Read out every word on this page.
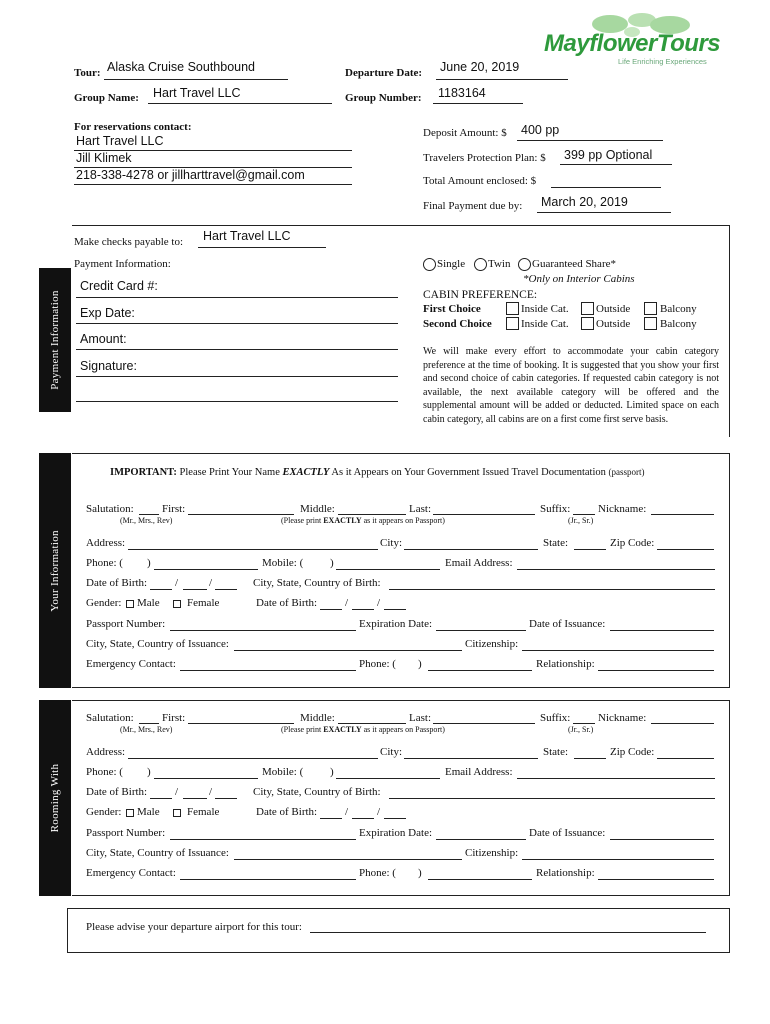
MayflowerTours
Life Enriching Experiences
Tour: Alaska Cruise Southbound	Departure Date: June 20, 2019
Group Name: Hart Travel LLC	Group Number: 1183164
For reservations contact:
Hart Travel LLC
Jill Klimek
218-338-4278 or jillharttravel@gmail.com
Deposit Amount: $ 400 pp
Travelers Protection Plan: $ 399 pp Optional
Total Amount enclosed: $
Final Payment due by: March 20, 2019
Payment Information
Make checks payable to: Hart Travel LLC
Payment Information:
Credit Card #:
Exp Date:
Amount:
Signature:
Single Twin Guaranteed Share*
*Only on Interior Cabins
CABIN PREFERENCE:
First Choice	Inside Cat. Outside	Balcony
Second Choice	Inside Cat. Outside	Balcony
We will make every effort to accommodate your cabin category preference at the time of booking. It is suggested that you show your first and second choice of cabin categories. If requested cabin category is not available, the next available category will be offered and the supplemental amount will be added or deducted. Limited space on each cabin category, all cabins are on a first come first serve basis.
Your Information
IMPORTANT: Please Print Your Name EXACTLY As it Appears on Your Government Issued Travel Documentation (passport)
Salutation:	First:	Middle:	Last:	Suffix:	Nickname:
(Mr., Mrs., Rev)	(Jr., Sr.)
Address:	City:	State:	Zip Code:
Phone: ( )	Mobile: ( )	Email Address:
Date of Birth:	/	/	City, State, Country of Birth:
Gender: Male Female	Date of Birth:	/	/
Passport Number:	Expiration Date:	Date of Issuance:
City, State, Country of Issuance:	Citizenship:
Emergency Contact:	Phone: ( )	Relationship:
(Please print EXACTLY as it appears on Passport)
Salutation:	First:	Middle:	Last:	Suffix:	Nickname:
(Mr., Mrs., Rev)	(Jr., Sr.)
Address:	City:	State:	Zip Code:
Phone: ( )	Mobile: ( )	Email Address:
Date of Birth:	/	/	City, State, Country of Birth:
Gender: Male Female	Date of Birth:	/	/
Passport Number:	Expiration Date:	Date of Issuance:
City, State, Country of Issuance:	Citizenship:
Emergency Contact:	Phone: ( )	Relationship:
(Please print EXACTLY as it appears on Passport)
Rooming With
Please advise your departure airport for this tour:
